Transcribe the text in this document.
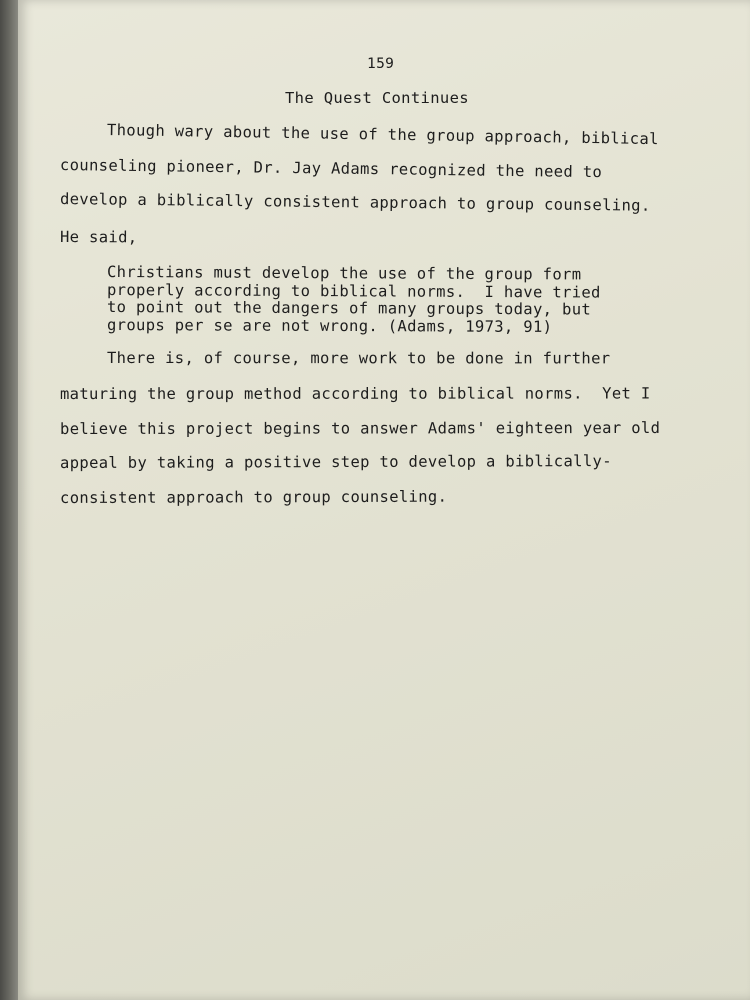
159

The Quest Continues

Though wary about the use of the group approach, biblical

counseling pioneer, Dr. Jay Adams recognized the need to

develop a biblically consistent approach to group counseling.

He said,

Christians must develop the use of the group form

properly according to biblical norms.  I have tried

to point out the dangers of many groups today, but

groups per se are not wrong. (Adams, 1973, 91)

There is, of course, more work to be done in further

maturing the group method according to biblical norms.  Yet I

believe this project begins to answer Adams' eighteen year old

appeal by taking a positive step to develop a biblically-

consistent approach to group counseling.
